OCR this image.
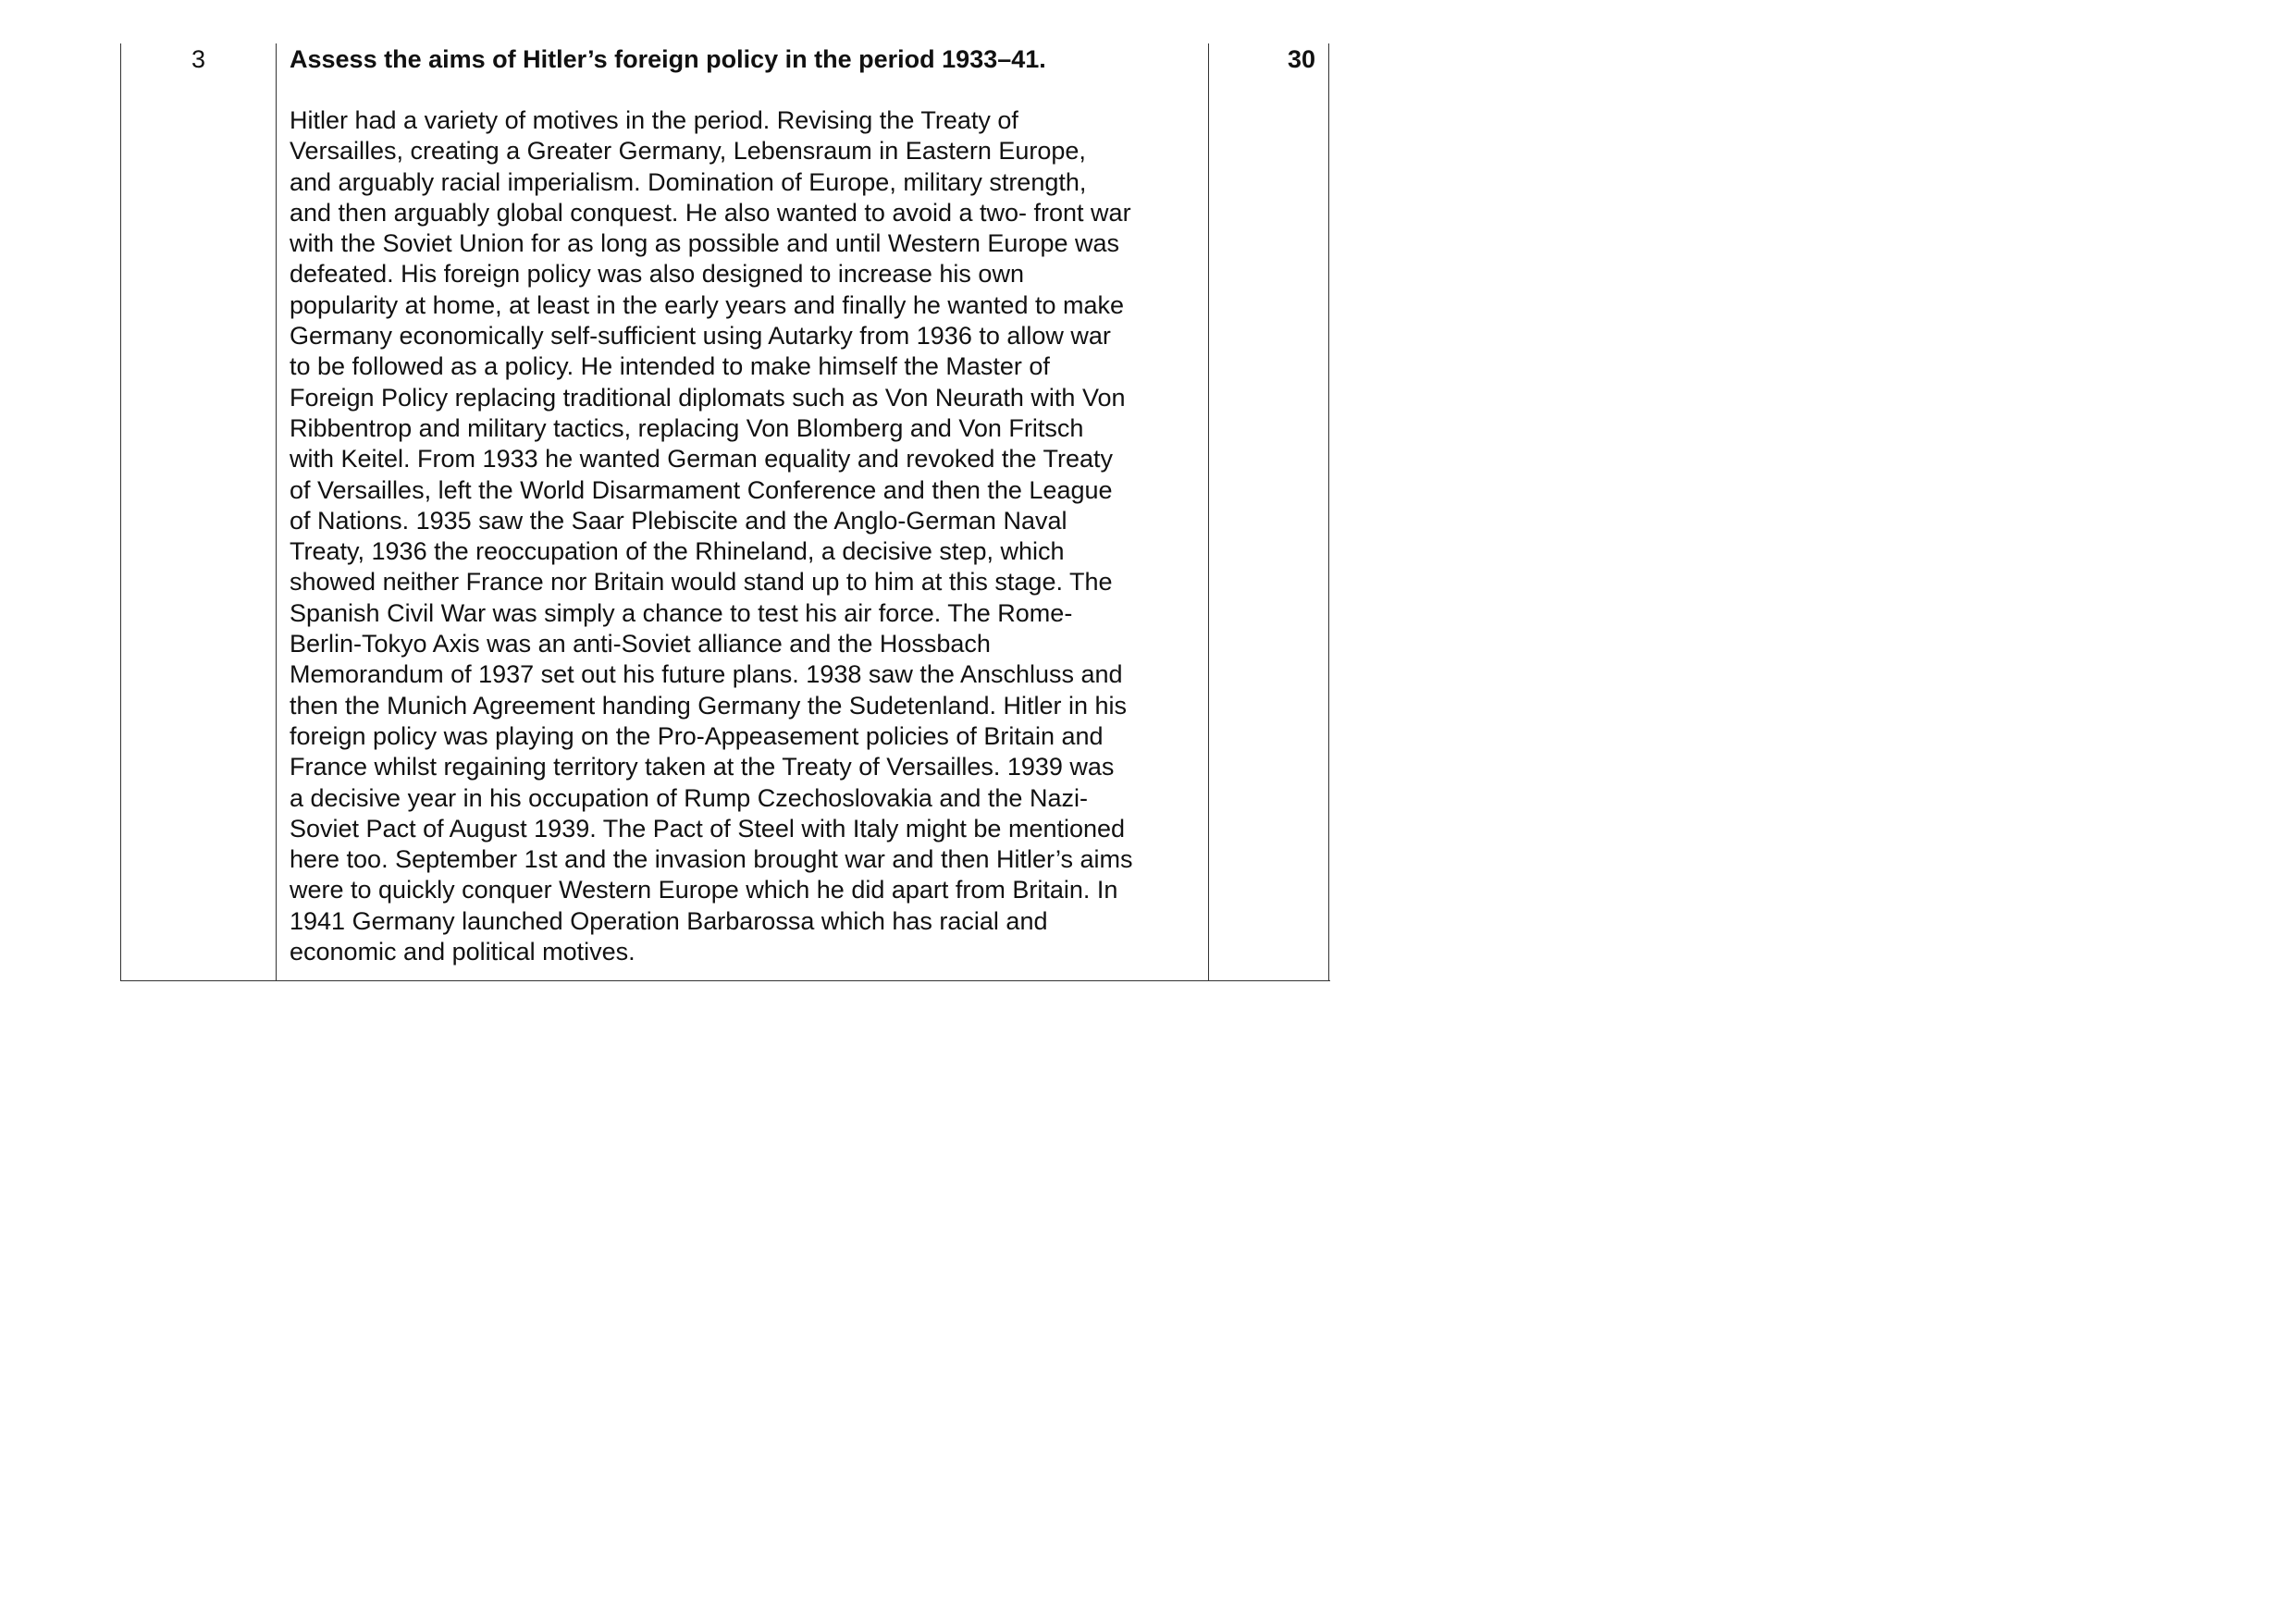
3	Assess the aims of Hitler’s foreign policy in the period 1933–41.
Hitler had a variety of motives in the period. Revising the Treaty of
Versailles, creating a Greater Germany, Lebensraum in Eastern Europe,
and arguably racial imperialism. Domination of Europe, military strength,
and then arguably global conquest. He also wanted to avoid a two- front war
with the Soviet Union for as long as possible and until Western Europe was
defeated. His foreign policy was also designed to increase his own
popularity at home, at least in the early years and finally he wanted to make
Germany economically self-sufficient using Autarky from 1936 to allow war
to be followed as a policy. He intended to make himself the Master of
Foreign Policy replacing traditional diplomats such as Von Neurath with Von
Ribbentrop and military tactics, replacing Von Blomberg and Von Fritsch
with Keitel. From 1933 he wanted German equality and revoked the Treaty
of Versailles, left the World Disarmament Conference and then the League
of Nations. 1935 saw the Saar Plebiscite and the Anglo-German Naval
Treaty, 1936 the reoccupation of the Rhineland, a decisive step, which
showed neither France nor Britain would stand up to him at this stage. The
Spanish Civil War was simply a chance to test his air force. The Rome-
Berlin-Tokyo Axis was an anti-Soviet alliance and the Hossbach
Memorandum of 1937 set out his future plans. 1938 saw the Anschluss and
then the Munich Agreement handing Germany the Sudetenland. Hitler in his
foreign policy was playing on the Pro-Appeasement policies of Britain and
France whilst regaining territory taken at the Treaty of Versailles. 1939 was
a decisive year in his occupation of Rump Czechoslovakia and the Nazi-
Soviet Pact of August 1939. The Pact of Steel with Italy might be mentioned
here too. September 1st and the invasion brought war and then Hitler’s aims
were to quickly conquer Western Europe which he did apart from Britain. In
1941 Germany launched Operation Barbarossa which has racial and
economic and political motives.
30
